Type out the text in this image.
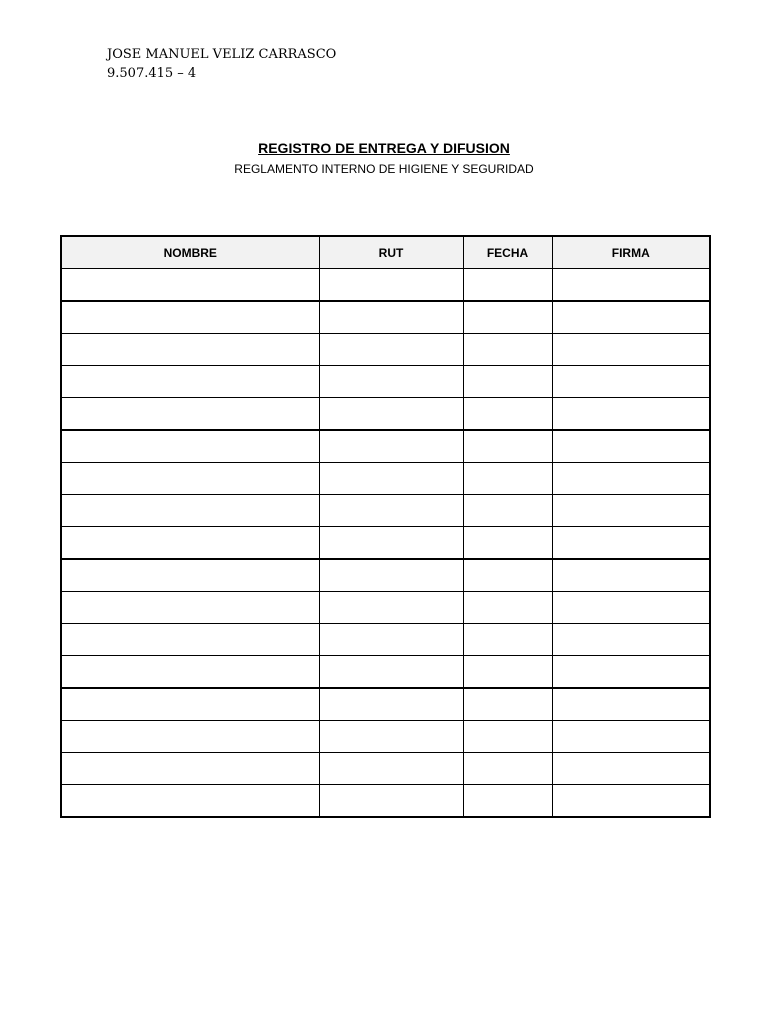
JOSE MANUEL VELIZ CARRASCO
9.507.415 – 4
REGISTRO DE ENTREGA Y DIFUSION
REGLAMENTO INTERNO DE HIGIENE Y SEGURIDAD
NOMBRE	RUT	FECHA	FIRMA
